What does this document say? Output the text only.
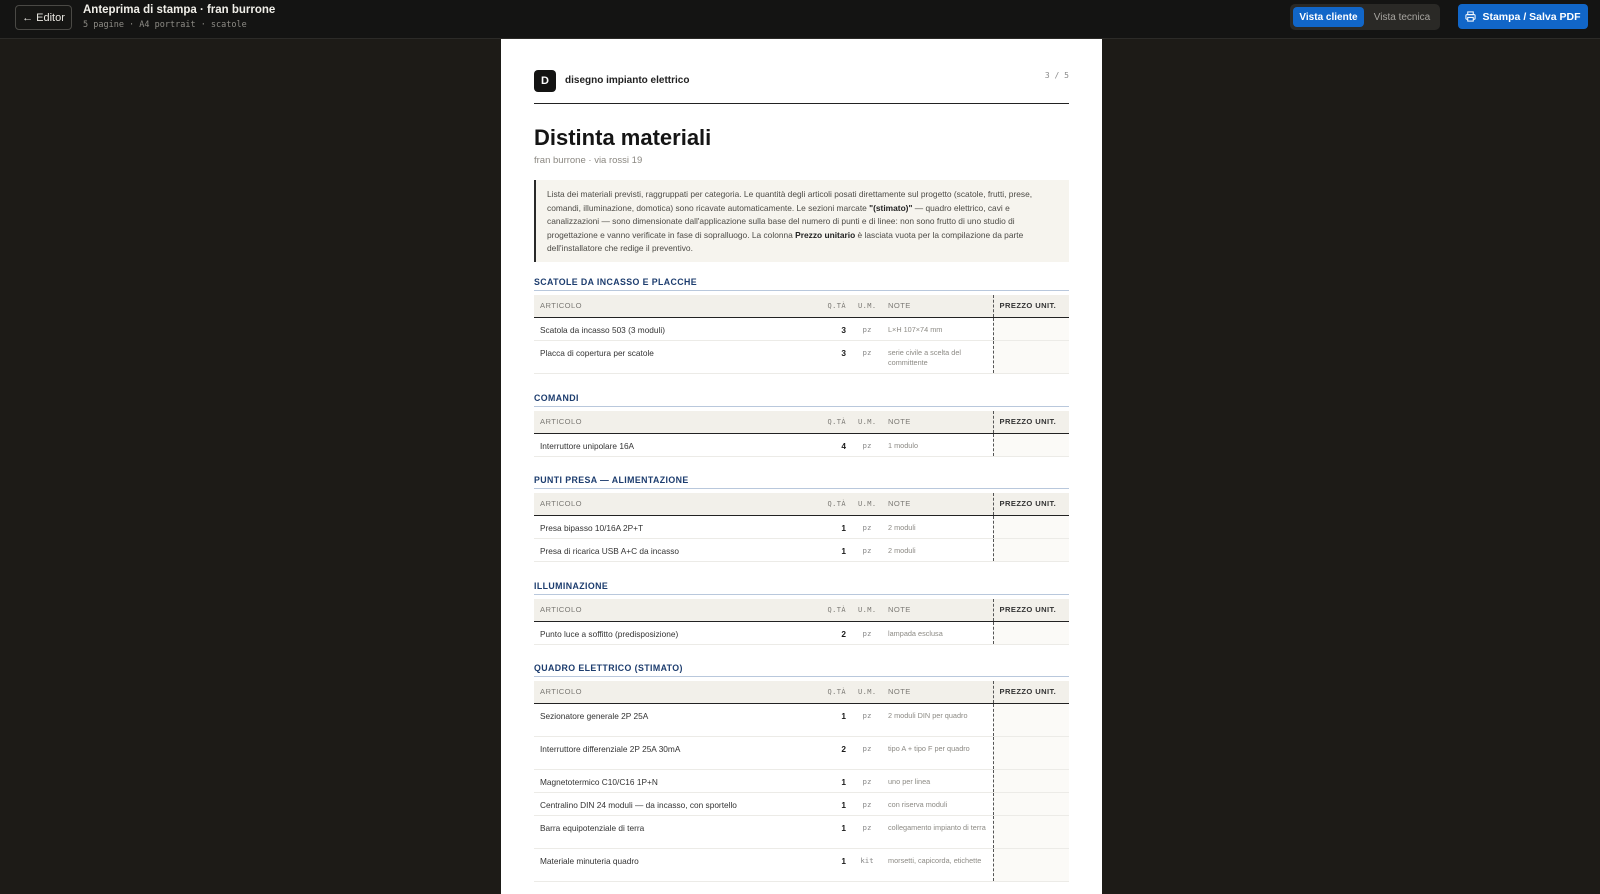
← Editor
Anteprima di stampa · fran burrone
5 pagine · A4 portrait · scatole
Vista cliente	Vista tecnica	Stampa / Salva PDF
D	disegno impianto elettrico	3 / 5
Distinta materiali
fran burrone · via rossi 19
Lista dei materiali previsti, raggruppati per categoria. Le quantità degli articoli posati direttamente sul progetto (scatole, frutti, prese, comandi, illuminazione, domotica) sono ricavate automaticamente. Le sezioni marcate "(stimato)" — quadro elettrico, cavi e canalizzazioni — sono dimensionate dall'applicazione sulla base del numero di punti e di linee: non sono frutto di uno studio di progettazione e vanno verificate in fase di sopralluogo. La colonna Prezzo unitario è lasciata vuota per la compilazione da parte dell'installatore che redige il preventivo.
SCATOLE DA INCASSO E PLACCHE
ARTICOLO	Q.TÀ	U.M.	NOTE	PREZZO UNIT.
Scatola da incasso 503 (3 moduli)	3	pz	L×H 107×74 mm	
Placca di copertura per scatole	3	pz	serie civile a scelta del committente	
COMANDI
ARTICOLO	Q.TÀ	U.M.	NOTE	PREZZO UNIT.
Interruttore unipolare 16A	4	pz	1 modulo	
PUNTI PRESA — ALIMENTAZIONE
ARTICOLO	Q.TÀ	U.M.	NOTE	PREZZO UNIT.
Presa bipasso 10/16A 2P+T	1	pz	2 moduli	
Presa di ricarica USB A+C da incasso	1	pz	2 moduli	
ILLUMINAZIONE
ARTICOLO	Q.TÀ	U.M.	NOTE	PREZZO UNIT.
Punto luce a soffitto (predisposizione)	2	pz	lampada esclusa	
QUADRO ELETTRICO (STIMATO)
ARTICOLO	Q.TÀ	U.M.	NOTE	PREZZO UNIT.
Sezionatore generale 2P 25A	1	pz	2 moduli DIN per quadro	
Interruttore differenziale 2P 25A 30mA	2	pz	tipo A + tipo F per quadro	
Magnetotermico C10/C16 1P+N	1	pz	uno per linea	
Centralino DIN 24 moduli — da incasso, con sportello	1	pz	con riserva moduli	
Barra equipotenziale di terra	1	pz	collegamento impianto di terra	
Materiale minuteria quadro	1	kit	morsetti, capicorda, etichette	
